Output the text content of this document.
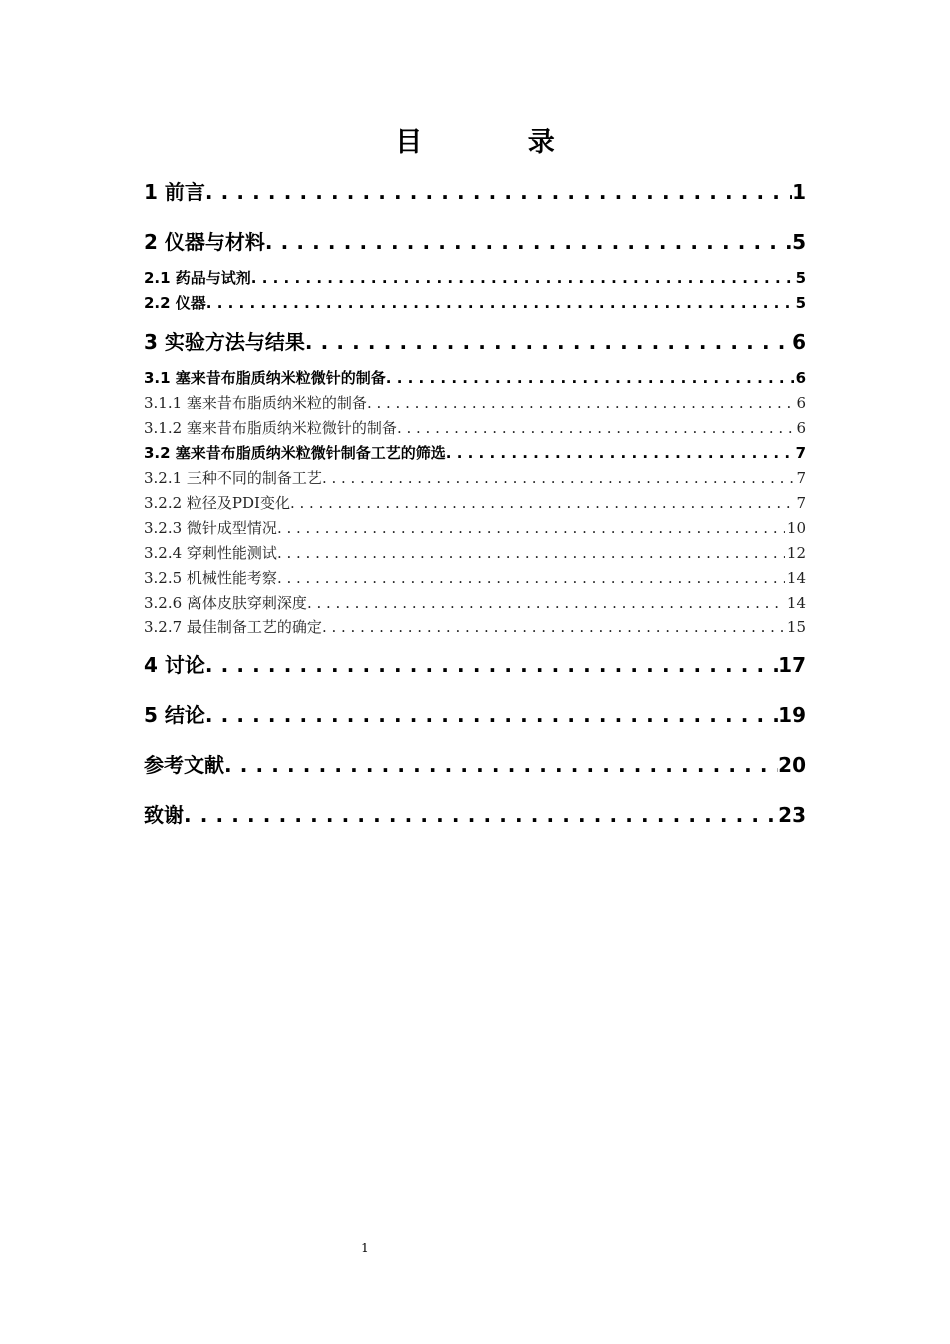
目 录
1 前言 . . .	1
2 仪器与材料 . . .	5
2.1 药品与试剂 . . .	5
2.2 仪器 . . .	5
3 实验方法与结果 . . .	6
3.1 塞来昔布脂质纳米粒微针的制备 . . .	6
3.1.1 塞来昔布脂质纳米粒的制备 . . .	6
3.1.2 塞来昔布脂质纳米粒微针的制备 . . .	6
3.2 塞来昔布脂质纳米粒微针制备工艺的筛选 . . .	7
3.2.1 三种不同的制备工艺 . . .	7
3.2.2 粒径及PDI变化 . . .	7
3.2.3 微针成型情况 . . .	10
3.2.4 穿刺性能测试 . . .	12
3.2.5 机械性能考察 . . .	14
3.2.6 离体皮肤穿刺深度 . . .	14
3.2.7 最佳制备工艺的确定 . . .	15
4 讨论 . . .	17
5 结论 . . .	19
参考文献 . . .	20
致谢 . . .	23
1
